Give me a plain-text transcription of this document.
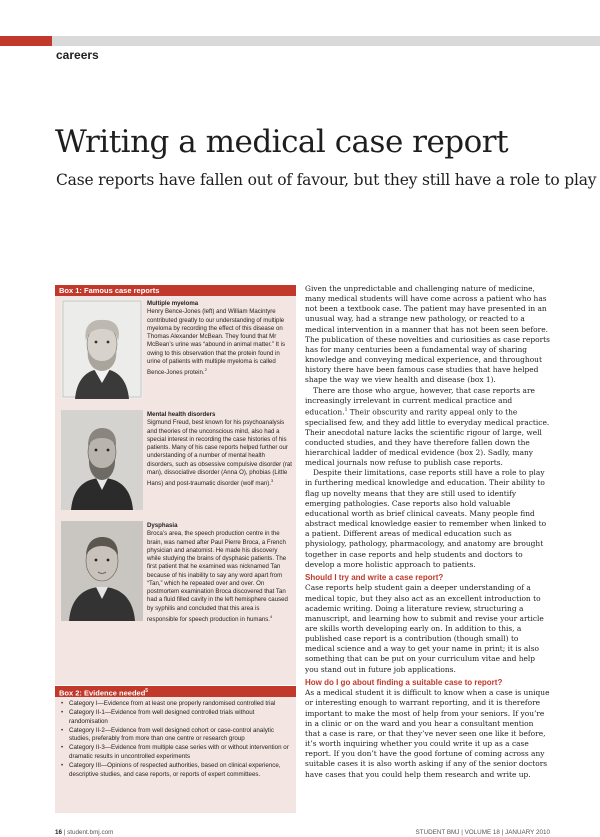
careers
Writing a medical case report
Case reports have fallen out of favour, but they still have a role to play
Box 1: Famous case reports
Multiple myeloma
Henry Bence-Jones (left) and William Macintyre contributed greatly to our understanding of multiple myeloma by recording the effect of this disease on Thomas Alexander McBean. They found that Mr McBean’s urine was “abound in animal matter.” It is owing to this observation that the protein found in urine of patients with multiple myeloma is called Bence-Jones protein.$^2$
Mental health disorders
Sigmund Freud, best known for his psychoanalysis and theories of the unconscious mind, also had a special interest in recording the case histories of his patients. Many of his case reports helped further our understanding of a number of mental health disorders, such as obsessive compulsive disorder (rat man), dissociative disorder (Anna O), phobias (Little Hans) and post-traumatic disorder (wolf man).$^3$
Dysphasia
Broca’s area, the speech production centre in the brain, was named after Paul Pierre Broca, a French physician and anatomist. He made his discovery while studying the brains of dysphasic patients. The first patient that he examined was nicknamed Tan because of his inability to say any word apart from “Tan,” which he repeated over and over. On postmortem examination Broca discovered that Tan had a fluid filled cavity in the left hemisphere caused by syphilis and concluded that this area is responsible for speech production in humans.$^4$
Box 2: Evidence needed$^5$
• Category I—Evidence from at least one properly randomised controlled trial
• Category II-1—Evidence from well designed controlled trials without randomisation
• Category II-2—Evidence from well designed cohort or case-control analytic studies, preferably from more than one centre or research group
• Category II-3—Evidence from multiple case series with or without intervention or dramatic results in uncontrolled experiments
• Category III—Opinions of respected authorities, based on clinical experience, descriptive studies, and case reports, or reports of expert committees.

Given the unpredictable and challenging nature of medicine, many medical students will have come across a patient who has not been a textbook case. The patient may have presented in an unusual way, had a strange new pathology, or reacted to a medical intervention in a manner that has not been seen before. The publication of these novelties and curiosities as case reports has for many centuries been a fundamental way of sharing knowledge and conveying medical experience, and throughout history there have been famous case studies that have helped shape the way we view health and disease (box 1).

There are those who argue, however, that case reports are increasingly irrelevant in current medical practice and education.$^1$ Their obscurity and rarity appeal only to the specialised few, and they add little to everyday medical practice. Their anecdotal nature lacks the scientific rigour of large, well conducted studies, and they have therefore fallen down the hierarchical ladder of medical evidence (box 2). Sadly, many medical journals now refuse to publish case reports.

Despite their limitations, case reports still have a role to play in furthering medical knowledge and education. Their ability to flag up novelty means that they are still used to identify emerging pathologies. Case reports also hold valuable educational worth as brief clinical caveats. Many people find abstract medical knowledge easier to remember when linked to a patient. Different areas of medical education such as physiology, pathology, pharmacology, and anatomy are brought together in case reports and help students and doctors to develop a more holistic approach to patients.

Should I try and write a case report?

Case reports help student gain a deeper understanding of a medical topic, but they also act as an excellent introduction to academic writing. Doing a literature review, structuring a manuscript, and learning how to submit and revise your article are skills worth developing early on. In addition to this, a published case report is a contribution (though small) to medical science and a way to get your name in print; it is also something that can be put on your curriculum vitae and help you stand out in future job applications.

How do I go about finding a suitable case to report?

As a medical student it is difficult to know when a case is unique or interesting enough to warrant reporting, and it is therefore important to make the most of help from your seniors. If you’re in a clinic or on the ward and you hear a consultant mention that a case is rare, or that they’ve never seen one like it before, it’s worth inquiring whether you could write it up as a case report. If you don’t have the good fortune of coming across any suitable cases it is also worth asking if any of the senior doctors have cases that you could help them research and write up.

16 | student.bmj.com	STUDENT BMJ | VOLUME 18 | JANUARY 2010
